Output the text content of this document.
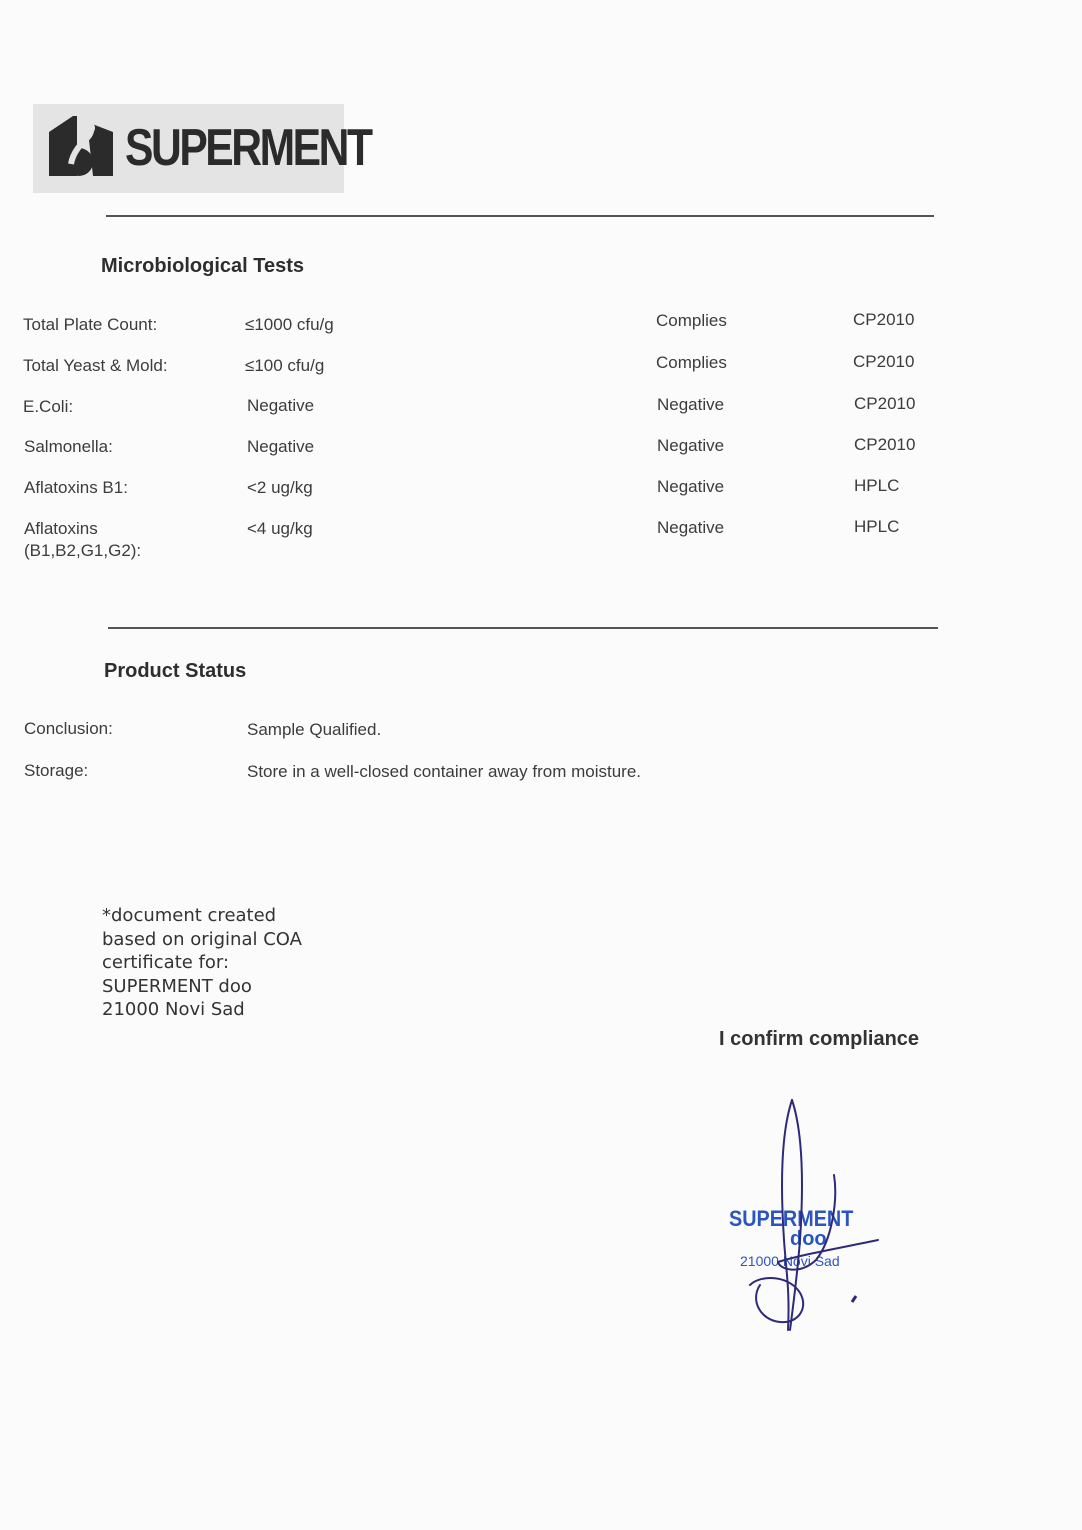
SUPERMENT
Microbiological Tests
Total Plate Count:	≤1000 cfu/g	Complies	CP2010
Total Yeast & Mold:	≤100 cfu/g	Complies	CP2010
E.Coli:	Negative	Negative	CP2010
Salmonella:	Negative	Negative	CP2010
Aflatoxins B1:	<2 ug/kg	Negative	HPLC
Aflatoxins
(B1,B2,G1,G2):
<4 ug/kg	Negative	HPLC
Product Status
Conclusion:	Sample Qualified.
Storage:	Store in a well-closed container away from moisture.
*document created
based on original COA
certificate for:
SUPERMENT doo
21000 Novi Sad
I confirm compliance
SUPERMENT
doo
21000 Novi Sad
